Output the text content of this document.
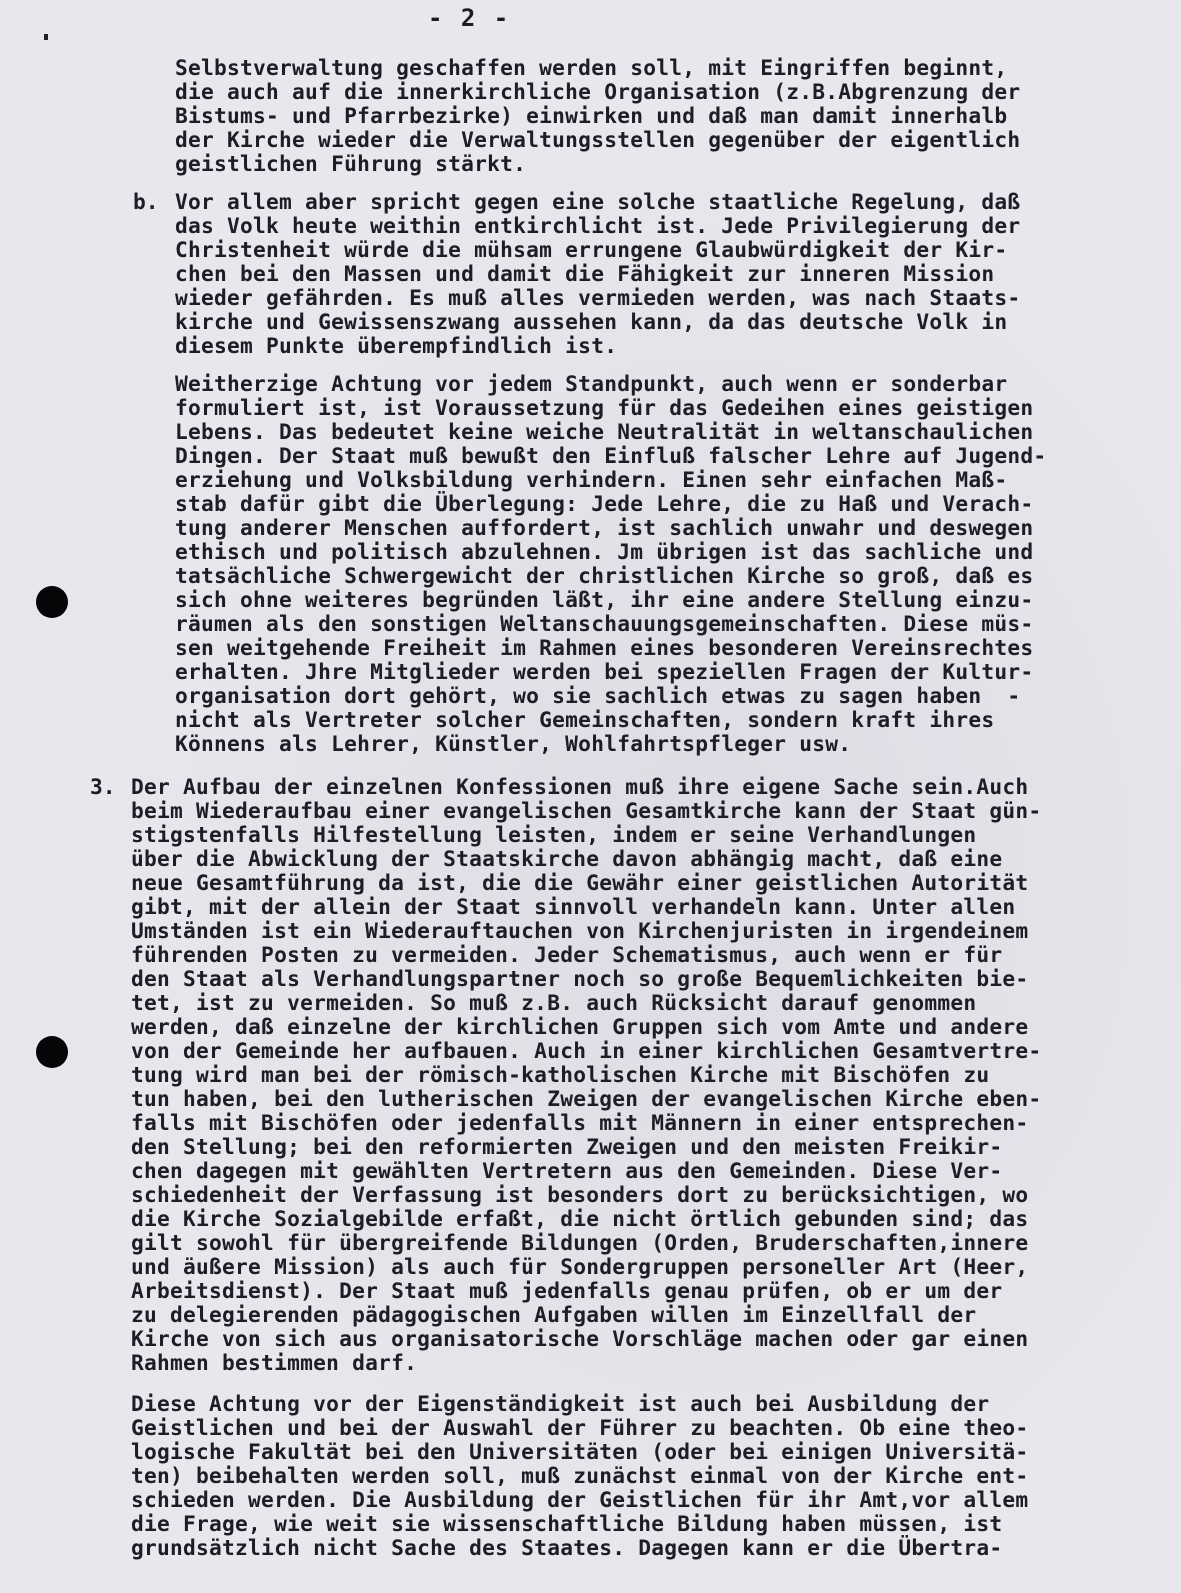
- 2 -
Selbstverwaltung geschaffen werden soll, mit Eingriffen beginnt,
die auch auf die innerkirchliche Organisation (z.B.Abgrenzung der
Bistums- und Pfarrbezirke) einwirken und daß man damit innerhalb
der Kirche wieder die Verwaltungsstellen gegenüber der eigentlich
geistlichen Führung stärkt.
b. Vor allem aber spricht gegen eine solche staatliche Regelung, daß
das Volk heute weithin entkirchlicht ist. Jede Privilegierung der
Christenheit würde die mühsam errungene Glaubwürdigkeit der Kir-
chen bei den Massen und damit die Fähigkeit zur inneren Mission
wieder gefährden. Es muß alles vermieden werden, was nach Staats-
kirche und Gewissenszwang aussehen kann, da das deutsche Volk in
diesem Punkte überempfindlich ist.
Weitherzige Achtung vor jedem Standpunkt, auch wenn er sonderbar
formuliert ist, ist Voraussetzung für das Gedeihen eines geistigen
Lebens. Das bedeutet keine weiche Neutralität in weltanschaulichen
Dingen. Der Staat muß bewußt den Einfluß falscher Lehre auf Jugend-
erziehung und Volksbildung verhindern. Einen sehr einfachen Maß-
stab dafür gibt die Überlegung: Jede Lehre, die zu Haß und Verach-
tung anderer Menschen auffordert, ist sachlich unwahr und deswegen
ethisch und politisch abzulehnen. Jm übrigen ist das sachliche und
tatsächliche Schwergewicht der christlichen Kirche so groß, daß es
sich ohne weiteres begründen läßt, ihr eine andere Stellung einzu-
räumen als den sonstigen Weltanschauungsgemeinschaften. Diese müs-
sen weitgehende Freiheit im Rahmen eines besonderen Vereinsrechtes
erhalten. Jhre Mitglieder werden bei speziellen Fragen der Kultur-
organisation dort gehört, wo sie sachlich etwas zu sagen haben  -
nicht als Vertreter solcher Gemeinschaften, sondern kraft ihres
Könnens als Lehrer, Künstler, Wohlfahrtspfleger usw.
3. Der Aufbau der einzelnen Konfessionen muß ihre eigene Sache sein.Auch
beim Wiederaufbau einer evangelischen Gesamtkirche kann der Staat gün-
stigstenfalls Hilfestellung leisten, indem er seine Verhandlungen
über die Abwicklung der Staatskirche davon abhängig macht, daß eine
neue Gesamtführung da ist, die die Gewähr einer geistlichen Autorität
gibt, mit der allein der Staat sinnvoll verhandeln kann. Unter allen
Umständen ist ein Wiederauftauchen von Kirchenjuristen in irgendeinem
führenden Posten zu vermeiden. Jeder Schematismus, auch wenn er für
den Staat als Verhandlungspartner noch so große Bequemlichkeiten bie-
tet, ist zu vermeiden. So muß z.B. auch Rücksicht darauf genommen
werden, daß einzelne der kirchlichen Gruppen sich vom Amte und andere
von der Gemeinde her aufbauen. Auch in einer kirchlichen Gesamtvertre-
tung wird man bei der römisch-katholischen Kirche mit Bischöfen zu
tun haben, bei den lutherischen Zweigen der evangelischen Kirche eben-
falls mit Bischöfen oder jedenfalls mit Männern in einer entsprechen-
den Stellung; bei den reformierten Zweigen und den meisten Freikir-
chen dagegen mit gewählten Vertretern aus den Gemeinden. Diese Ver-
schiedenheit der Verfassung ist besonders dort zu berücksichtigen, wo
die Kirche Sozialgebilde erfaßt, die nicht örtlich gebunden sind; das
gilt sowohl für übergreifende Bildungen (Orden, Bruderschaften,innere
und äußere Mission) als auch für Sondergruppen personeller Art (Heer,
Arbeitsdienst). Der Staat muß jedenfalls genau prüfen, ob er um der
zu delegierenden pädagogischen Aufgaben willen im Einzellfall der
Kirche von sich aus organisatorische Vorschläge machen oder gar einen
Rahmen bestimmen darf.
Diese Achtung vor der Eigenständigkeit ist auch bei Ausbildung der
Geistlichen und bei der Auswahl der Führer zu beachten. Ob eine theo-
logische Fakultät bei den Universitäten (oder bei einigen Universitä-
ten) beibehalten werden soll, muß zunächst einmal von der Kirche ent-
schieden werden. Die Ausbildung der Geistlichen für ihr Amt,vor allem
die Frage, wie weit sie wissenschaftliche Bildung haben müssen, ist
grundsätzlich nicht Sache des Staates. Dagegen kann er die Übertra-
